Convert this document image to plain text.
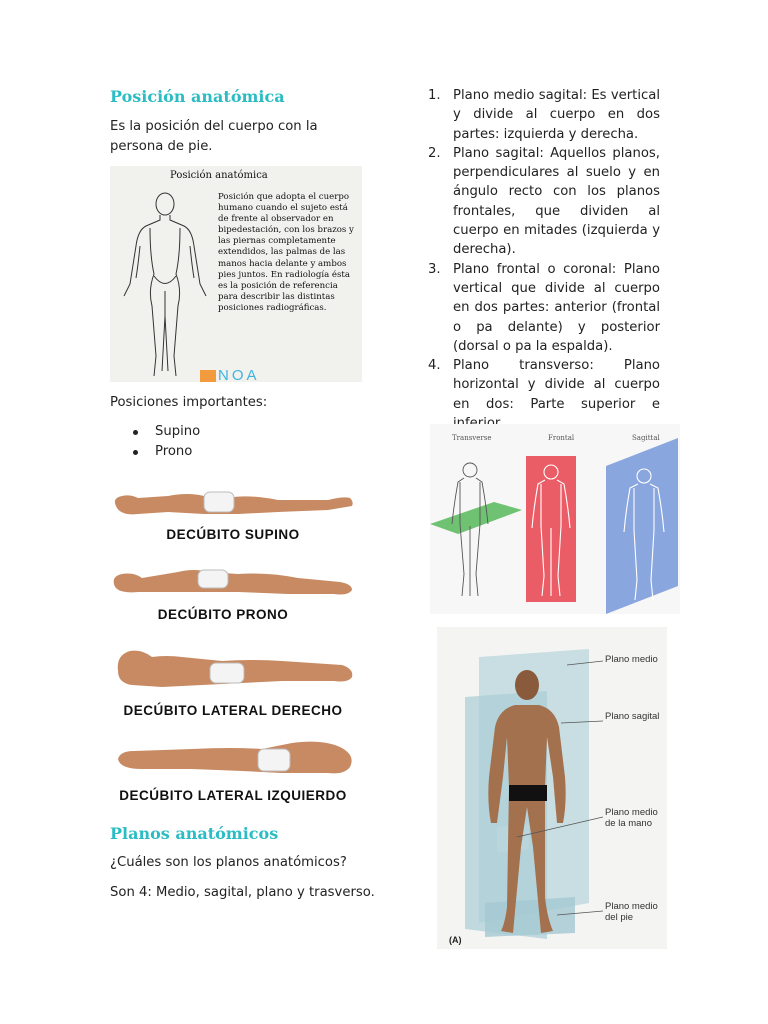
Posición anatómica
Es la posición del cuerpo con la persona de pie.
Posición anatómica
Posición que adopta el cuerpo humano cuando el sujeto está de frente al observador en bipedestación, con los brazos y las piernas completamente extendidos, las palmas de las manos hacia delante y ambos pies juntos. En radiología ésta es la posición de referencia para describir las distintas posiciones radiográficas.
NOA
Posiciones importantes:
Supino
Prono
DECÚBITO SUPINO
DECÚBITO PRONO
DECÚBITO LATERAL DERECHO
DECÚBITO LATERAL IZQUIERDO
Planos anatómicos
¿Cuáles son los planos anatómicos?
Son 4: Medio, sagital, plano y trasverso.
1. Plano medio sagital: Es vertical y divide al cuerpo en dos partes: izquierda y derecha.
2. Plano sagital: Aquellos planos, perpendiculares al suelo y en ángulo recto con los planos frontales, que dividen al cuerpo en mitades (izquierda y derecha).
3. Plano frontal o coronal: Plano vertical que divide al cuerpo en dos partes: anterior (frontal o pa delante) y posterior (dorsal o pa la espalda).
4. Plano transverso: Plano horizontal y divide al cuerpo en dos: Parte superior e
Transverse	Frontal	Sagittal
Plano medio
Plano sagital
Plano medio de la mano
Plano medio del pie
(A)
